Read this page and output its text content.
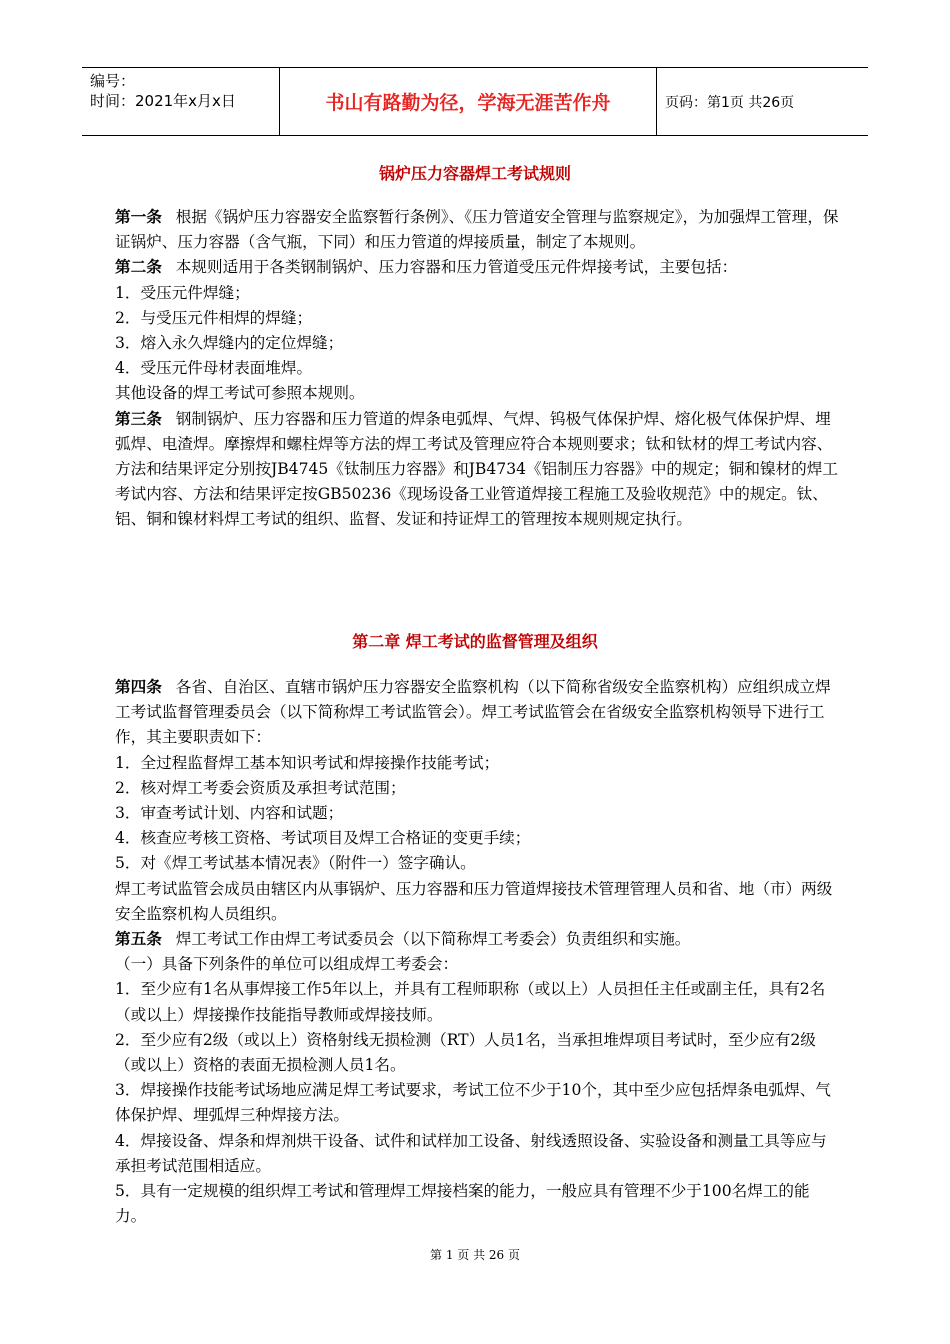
编号：
时间：2021年x月x日	书山有路勤为径，学海无涯苦作舟	页码：第1页 共26页
锅炉压力容器焊工考试规则

第一条 根据《锅炉压力容器安全监察暂行条例》、《压力管道安全管理与监察规定》，为加强焊工管理，保证锅炉、压力容器（含气瓶，下同）和压力管道的焊接质量，制定了本规则。

第二条 本规则适用于各类钢制锅炉、压力容器和压力管道受压元件焊接考试，主要包括：

1．受压元件焊缝；

2．与受压元件相焊的焊缝；

3．熔入永久焊缝内的定位焊缝；

4．受压元件母材表面堆焊。

其他设备的焊工考试可参照本规则。

第三条 钢制锅炉、压力容器和压力管道的焊条电弧焊、气焊、钨极气体保护焊、熔化极气体保护焊、埋弧焊、电渣焊。摩擦焊和螺柱焊等方法的焊工考试及管理应符合本规则要求；钛和钛材的焊工考试内容、方法和结果评定分别按JB4745《钛制压力容器》和JB4734《铝制压力容器》中的规定；铜和镍材的焊工考试内容、方法和结果评定按GB50236《现场设备工业管道焊接工程施工及验收规范》中的规定。钛、铝、铜和镍材料焊工考试的组织、监督、发证和持证焊工的管理按本规则规定执行。

第二章 焊工考试的监督管理及组织

第四条 各省、自治区、直辖市锅炉压力容器安全监察机构（以下简称省级安全监察机构）应组织成立焊工考试监督管理委员会（以下简称焊工考试监管会）。焊工考试监管会在省级安全监察机构领导下进行工作，其主要职责如下：

1．全过程监督焊工基本知识考试和焊接操作技能考试；

2．核对焊工考委会资质及承担考试范围；

3．审查考试计划、内容和试题；

4．核查应考核工资格、考试项目及焊工合格证的变更手续；

5．对《焊工考试基本情况表》（附件一）签字确认。

焊工考试监管会成员由辖区内从事锅炉、压力容器和压力管道焊接技术管理管理人员和省、地（市）两级安全监察机构人员组织。

第五条 焊工考试工作由焊工考试委员会（以下简称焊工考委会）负责组织和实施。

（一）具备下列条件的单位可以组成焊工考委会：

1．至少应有1名从事焊接工作5年以上，并具有工程师职称（或以上）人员担任主任或副主任，具有2名（或以上）焊接操作技能指导教师或焊接技师。

2．至少应有2级（或以上）资格射线无损检测（RT）人员1名，当承担堆焊项目考试时，至少应有2级（或以上）资格的表面无损检测人员1名。

3．焊接操作技能考试场地应满足焊工考试要求，考试工位不少于10个，其中至少应包括焊条电弧焊、气体保护焊、埋弧焊三种焊接方法。

4．焊接设备、焊条和焊剂烘干设备、试件和试样加工设备、射线透照设备、实验设备和测量工具等应与承担考试范围相适应。

5．具有一定规模的组织焊工考试和管理焊工焊接档案的能力，一般应具有管理不少于100名焊工的能力。

第 1 页 共 26 页
